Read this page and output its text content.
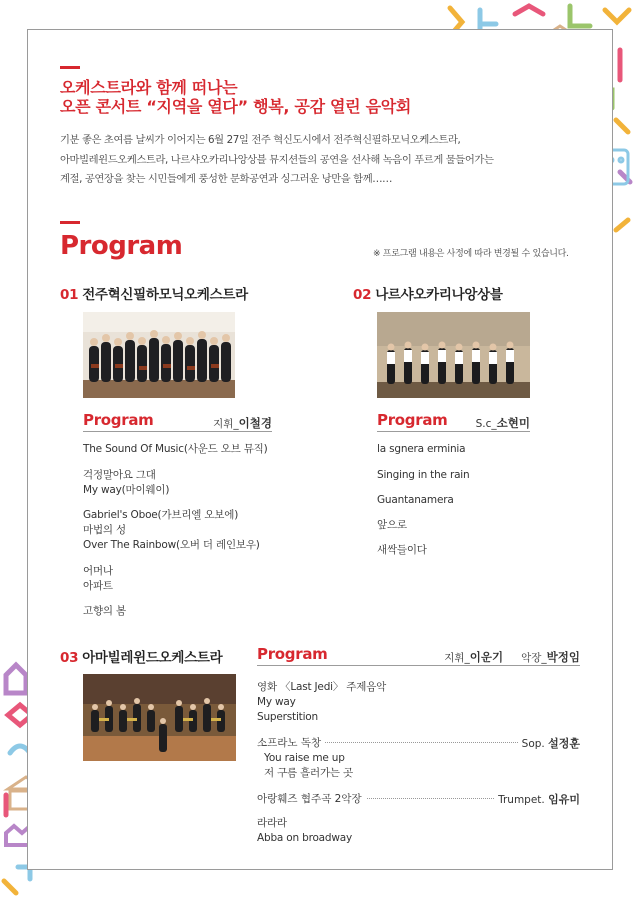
오케스트라와 함께 떠나는
오픈 콘서트 “지역을 열다” 행복, 공감 열린 음악회
기분 좋은 초여름 날씨가 이어지는 6월 27일 전주 혁신도시에서 전주혁신필하모닉오케스트라,
아마빌레윈드오케스트라, 나르샤오카리나앙상블 뮤지션들의 공연을 선사해 녹음이 푸르게 물들어가는
계절, 공연장을 찾는 시민들에게 풍성한 문화공연과 싱그러운 낭만을 함께……
Program	※ 프로그램 내용은 사정에 따라 변경될 수 있습니다.
01 전주혁신필하모닉오케스트라
Program	지휘_이철경
The Sound Of Music(사운드 오브 뮤직)
걱정말아요 그대
My way(마이웨이)
Gabriel's Oboe(가브리엘 오보에)
마법의 성
Over The Rainbow(오버 더 레인보우)
어머나
아파트
고향의 봄
02 나르샤오카리나앙상블
Program	S.c_소현미
la sgnera erminia
Singing in the rain
Guantanamera
앞으로
새싹들이다
03 아마빌레윈드오케스트라 Program	지휘_이운기 악장_박정임
영화 〈Last Jedi〉 주제음악
My way
Superstition
소프라노 독창	Sop. 설정훈
You raise me up
저 구름 흘러가는 곳
아랑훼즈 협주곡 2악장	Trumpet. 임유미
라라라
Abba on broadway
